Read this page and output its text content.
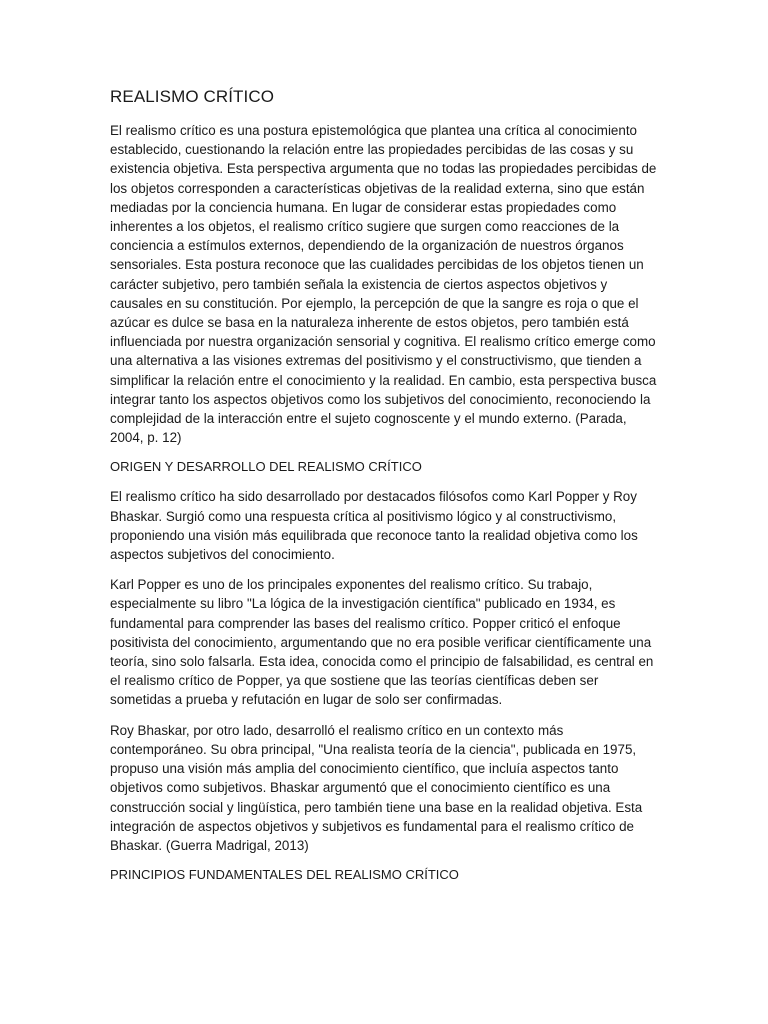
REALISMO CRÍTICO

El realismo crítico es una postura epistemológica que plantea una crítica al conocimiento establecido, cuestionando la relación entre las propiedades percibidas de las cosas y su existencia objetiva. Esta perspectiva argumenta que no todas las propiedades percibidas de los objetos corresponden a características objetivas de la realidad externa, sino que están mediadas por la conciencia humana. En lugar de considerar estas propiedades como inherentes a los objetos, el realismo crítico sugiere que surgen como reacciones de la conciencia a estímulos externos, dependiendo de la organización de nuestros órganos sensoriales. Esta postura reconoce que las cualidades percibidas de los objetos tienen un carácter subjetivo, pero también señala la existencia de ciertos aspectos objetivos y causales en su constitución. Por ejemplo, la percepción de que la sangre es roja o que el azúcar es dulce se basa en la naturaleza inherente de estos objetos, pero también está influenciada por nuestra organización sensorial y cognitiva. El realismo crítico emerge como una alternativa a las visiones extremas del positivismo y el constructivismo, que tienden a simplificar la relación entre el conocimiento y la realidad. En cambio, esta perspectiva busca integrar tanto los aspectos objetivos como los subjetivos del conocimiento, reconociendo la complejidad de la interacción entre el sujeto cognoscente y el mundo externo. (Parada, 2004, p. 12)

ORIGEN Y DESARROLLO DEL REALISMO CRÍTICO

El realismo crítico ha sido desarrollado por destacados filósofos como Karl Popper y Roy Bhaskar. Surgió como una respuesta crítica al positivismo lógico y al constructivismo, proponiendo una visión más equilibrada que reconoce tanto la realidad objetiva como los aspectos subjetivos del conocimiento.

Karl Popper es uno de los principales exponentes del realismo crítico. Su trabajo, especialmente su libro "La lógica de la investigación científica" publicado en 1934, es fundamental para comprender las bases del realismo crítico. Popper criticó el enfoque positivista del conocimiento, argumentando que no era posible verificar científicamente una teoría, sino solo falsarla. Esta idea, conocida como el principio de falsabilidad, es central en el realismo crítico de Popper, ya que sostiene que las teorías científicas deben ser sometidas a prueba y refutación en lugar de solo ser confirmadas.

Roy Bhaskar, por otro lado, desarrolló el realismo crítico en un contexto más contemporáneo. Su obra principal, "Una realista teoría de la ciencia", publicada en 1975, propuso una visión más amplia del conocimiento científico, que incluía aspectos tanto objetivos como subjetivos. Bhaskar argumentó que el conocimiento científico es una construcción social y lingüística, pero también tiene una base en la realidad objetiva. Esta integración de aspectos objetivos y subjetivos es fundamental para el realismo crítico de Bhaskar. (Guerra Madrigal, 2013)

PRINCIPIOS FUNDAMENTALES DEL REALISMO CRÍTICO
